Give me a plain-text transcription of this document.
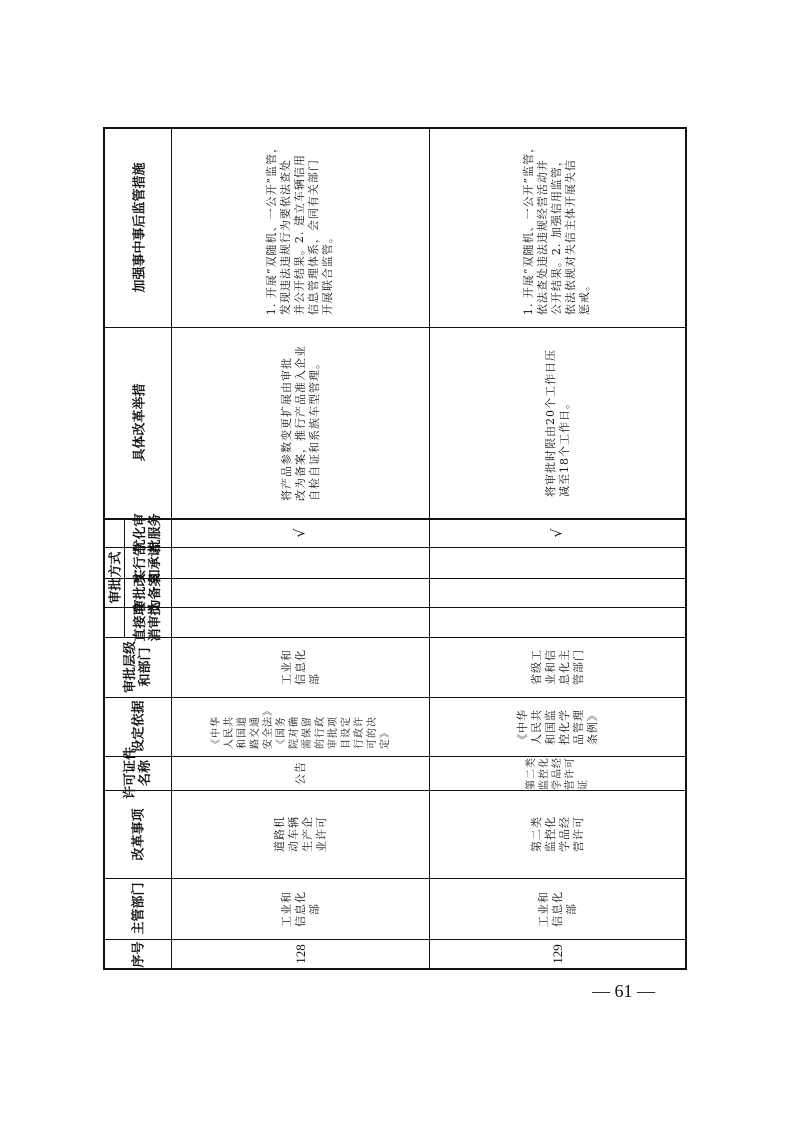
序号
主管部门
改革事项
许可证件名称
设定依据
审批层级和部门
审批方式
直接取消审批
审批改为备案
实行告知承诺
优化审批服务
具体改革举措
加强事中事后监管措施
128
工业和
信息化
部
道路机
动车辆
生产企
业许可
公告
《中华
人民共
和国道
路交通
安全法》
《国务
院对确
需保留
的行政
审批项
目设定
行政许
可的决
定》
工业和
信息化
部
√
将产品参数变更扩展由审批
改为备案，推行产品准入企业
自检自证和系族车型管理。
1. 开展“双随机、一公开”监管，
发现违法违规行为要依法查处
并公开结果。2. 建立车辆信用
信息管理体系，会同有关部门
开展联合监管。
129
工业和
信息化
部
第二类
监控化
学品经
营许可
第二类
监控化
学品经
营许可
证
《中华
人民共
和国监
控化学
品管理
条例》
省级工
业和信
息化主
管部门
√
将审批时限由20个工作日压
减至18个工作日。
1. 开展“双随机、一公开”监管，
依法查处违法违规经营活动并
公开结果。2. 加强信用监管，
依法依规对失信主体开展失信
惩戒。
— 61 —
